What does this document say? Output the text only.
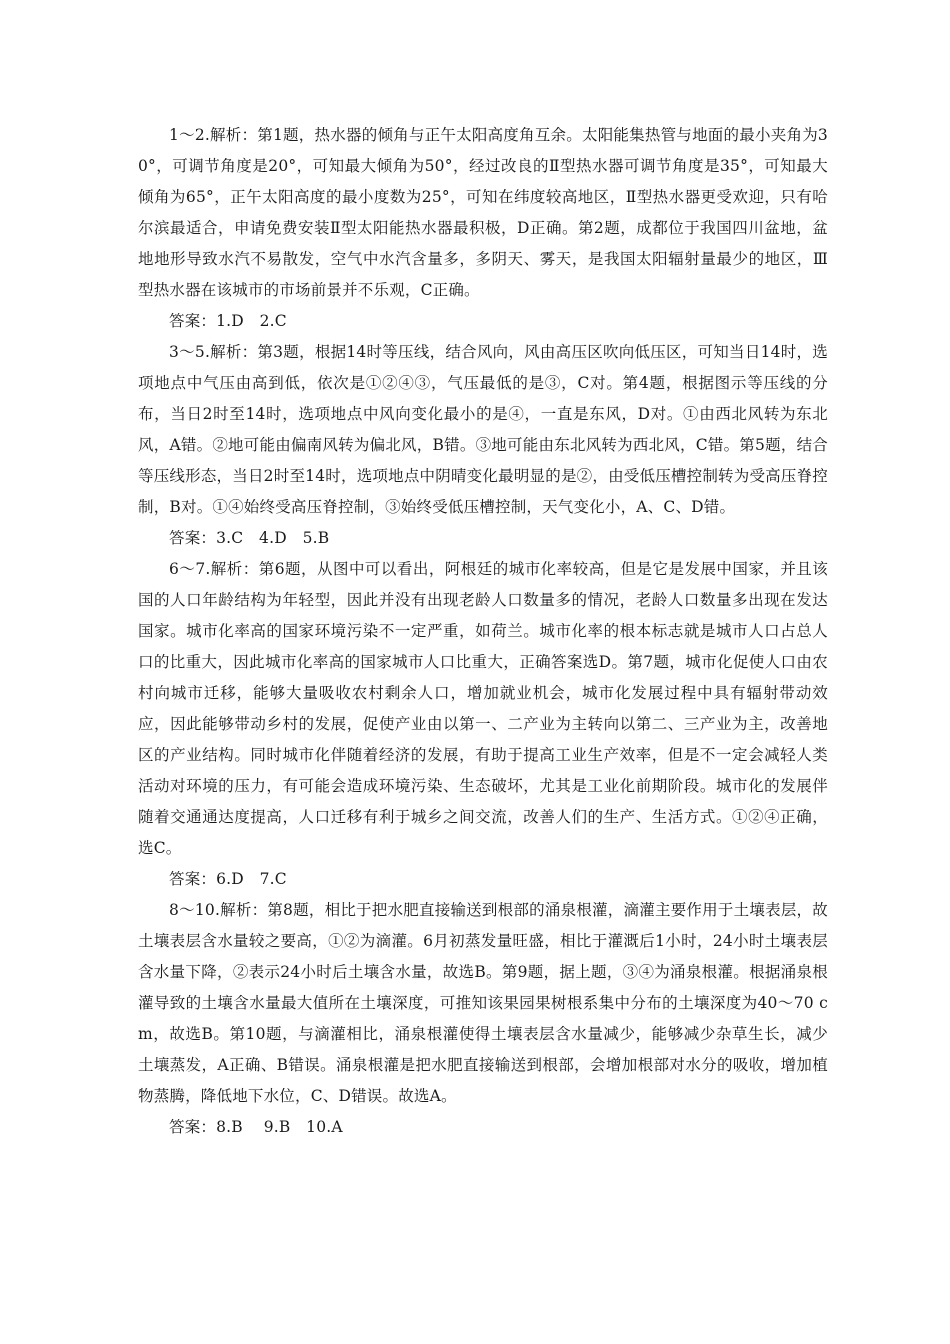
1～2.解析：第1题，热水器的倾角与正午太阳高度角互余。太阳能集热管与地面的最小夹角为30°，可调节角度是20°，可知最大倾角为50°，经过改良的Ⅱ型热水器可调节角度是35°，可知最大倾角为65°，正午太阳高度的最小度数为25°，可知在纬度较高地区，Ⅱ型热水器更受欢迎，只有哈尔滨最适合，申请免费安装Ⅱ型太阳能热水器最积极，D正确。第2题，成都位于我国四川盆地，盆地地形导致水汽不易散发，空气中水汽含量多，多阴天、雾天，是我国太阳辐射量最少的地区，Ⅲ型热水器在该城市的市场前景并不乐观，C正确。

答案：1.D　2.C

3～5.解析：第3题，根据14时等压线，结合风向，风由高压区吹向低压区，可知当日14时，选项地点中气压由高到低，依次是①②④③，气压最低的是③，C对。第4题，根据图示等压线的分布，当日2时至14时，选项地点中风向变化最小的是④，一直是东风，D对。①由西北风转为东北风，A错。②地可能由偏南风转为偏北风，B错。③地可能由东北风转为西北风，C错。第5题，结合等压线形态，当日2时至14时，选项地点中阴晴变化最明显的是②，由受低压槽控制转为受高压脊控制，B对。①④始终受高压脊控制，③始终受低压槽控制，天气变化小，A、C、D错。

答案：3.C　4.D　5.B

6～7.解析：第6题，从图中可以看出，阿根廷的城市化率较高，但是它是发展中国家，并且该国的人口年龄结构为年轻型，因此并没有出现老龄人口数量多的情况，老龄人口数量多出现在发达国家。城市化率高的国家环境污染不一定严重，如荷兰。城市化率的根本标志就是城市人口占总人口的比重大，因此城市化率高的国家城市人口比重大，正确答案选D。第7题，城市化促使人口由农村向城市迁移，能够大量吸收农村剩余人口，增加就业机会，城市化发展过程中具有辐射带动效应，因此能够带动乡村的发展，促使产业由以第一、二产业为主转向以第二、三产业为主，改善地区的产业结构。同时城市化伴随着经济的发展，有助于提高工业生产效率，但是不一定会减轻人类活动对环境的压力，有可能会造成环境污染、生态破坏，尤其是工业化前期阶段。城市化的发展伴随着交通通达度提高，人口迁移有利于城乡之间交流，改善人们的生产、生活方式。①②④正确，选C。

答案：6.D　7.C

8～10.解析：第8题，相比于把水肥直接输送到根部的涌泉根灌，滴灌主要作用于土壤表层，故土壤表层含水量较之要高，①②为滴灌。6月初蒸发量旺盛，相比于灌溉后1小时，24小时土壤表层含水量下降，②表示24小时后土壤含水量，故选B。第9题，据上题，③④为涌泉根灌。根据涌泉根灌导致的土壤含水量最大值所在土壤深度，可推知该果园果树根系集中分布的土壤深度为40～70 cm，故选B。第10题，与滴灌相比，涌泉根灌使得土壤表层含水量减少，能够减少杂草生长，减少土壤蒸发，A正确、B错误。涌泉根灌是把水肥直接输送到根部，会增加根部对水分的吸收，增加植物蒸腾，降低地下水位，C、D错误。故选A。

答案：8.B　 9.B　10.A
